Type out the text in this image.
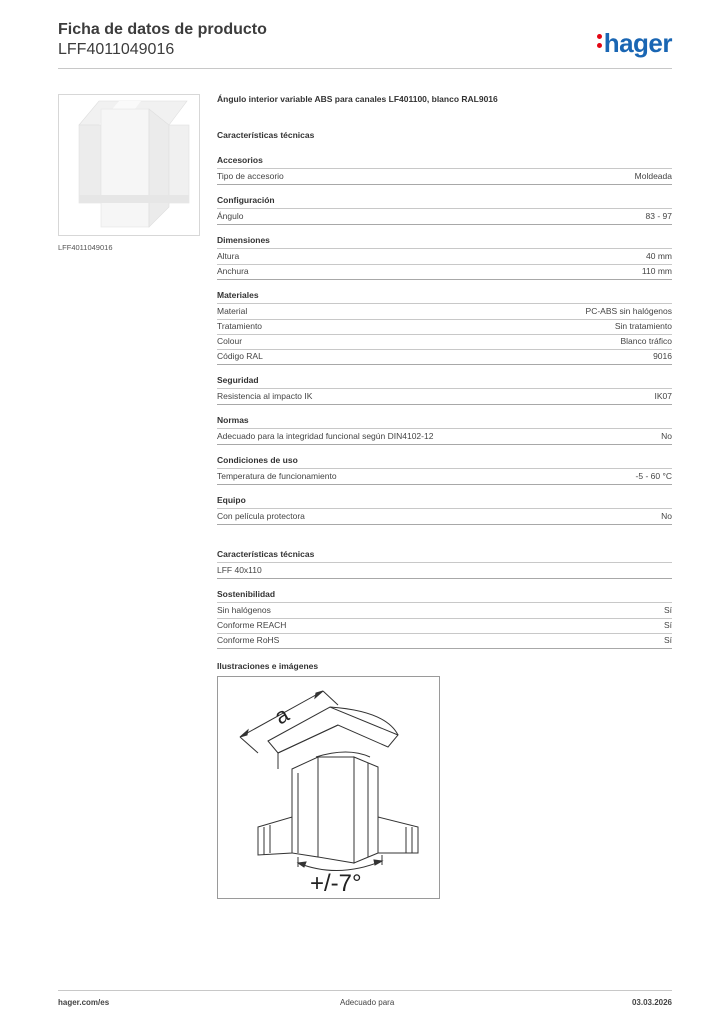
Ficha de datos de producto
LFF4011049016	hager
LFF4011049016
Ángulo interior variable ABS para canales LF401100, blanco RAL9016
Características técnicas
Accesorios
Tipo de accesorio	Moldeada
Configuración
Ángulo	83 - 97
Dimensiones
Altura	40 mm
Anchura	110 mm
Materiales
Material	PC-ABS sin halógenos
Tratamiento	Sin tratamiento
Colour	Blanco tráfico
Código RAL	9016
Seguridad
Resistencia al impacto IK	IK07
Normas
Adecuado para la integridad funcional según DIN4102-12	No
Condiciones de uso
Temperatura de funcionamiento	-5 - 60 °C
Equipo
Con película protectora	No
Características técnicas
LFF 40x110
Sostenibilidad
Sin halógenos	Sí
Conforme REACH	Sí
Conforme RoHS	Sí
Ilustraciones e imágenes
a
+/-7°
hager.com/es	Adecuado para	03.03.2026
